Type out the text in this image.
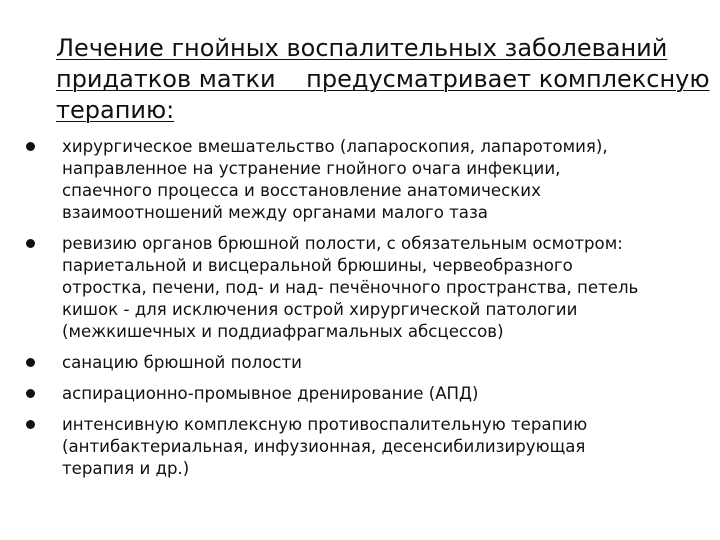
Лечение гнойных воспалительных заболеваний
придатков матки    предусматривает комплексную
терапию:
хирургическое вмешательство (лапароскопия, лапаротомия),
направленное на устранение гнойного очага инфекции,
спаечного процесса и восстановление анатомических
взаимоотношений между органами малого таза
ревизию органов брюшной полости, с обязательным осмотром:
париетальной и висцеральной брюшины, червеобразного
отростка, печени, под- и над- печёночного пространства, петель
кишок - для исключения острой хирургической патологии
(межкишечных и поддиафрагмальных абсцессов)
санацию брюшной полости
аспирационно-промывное дренирование (АПД)
интенсивную комплексную противоспалительную терапию
(антибактериальная, инфузионная, десенсибилизирующая
терапия и др.)
